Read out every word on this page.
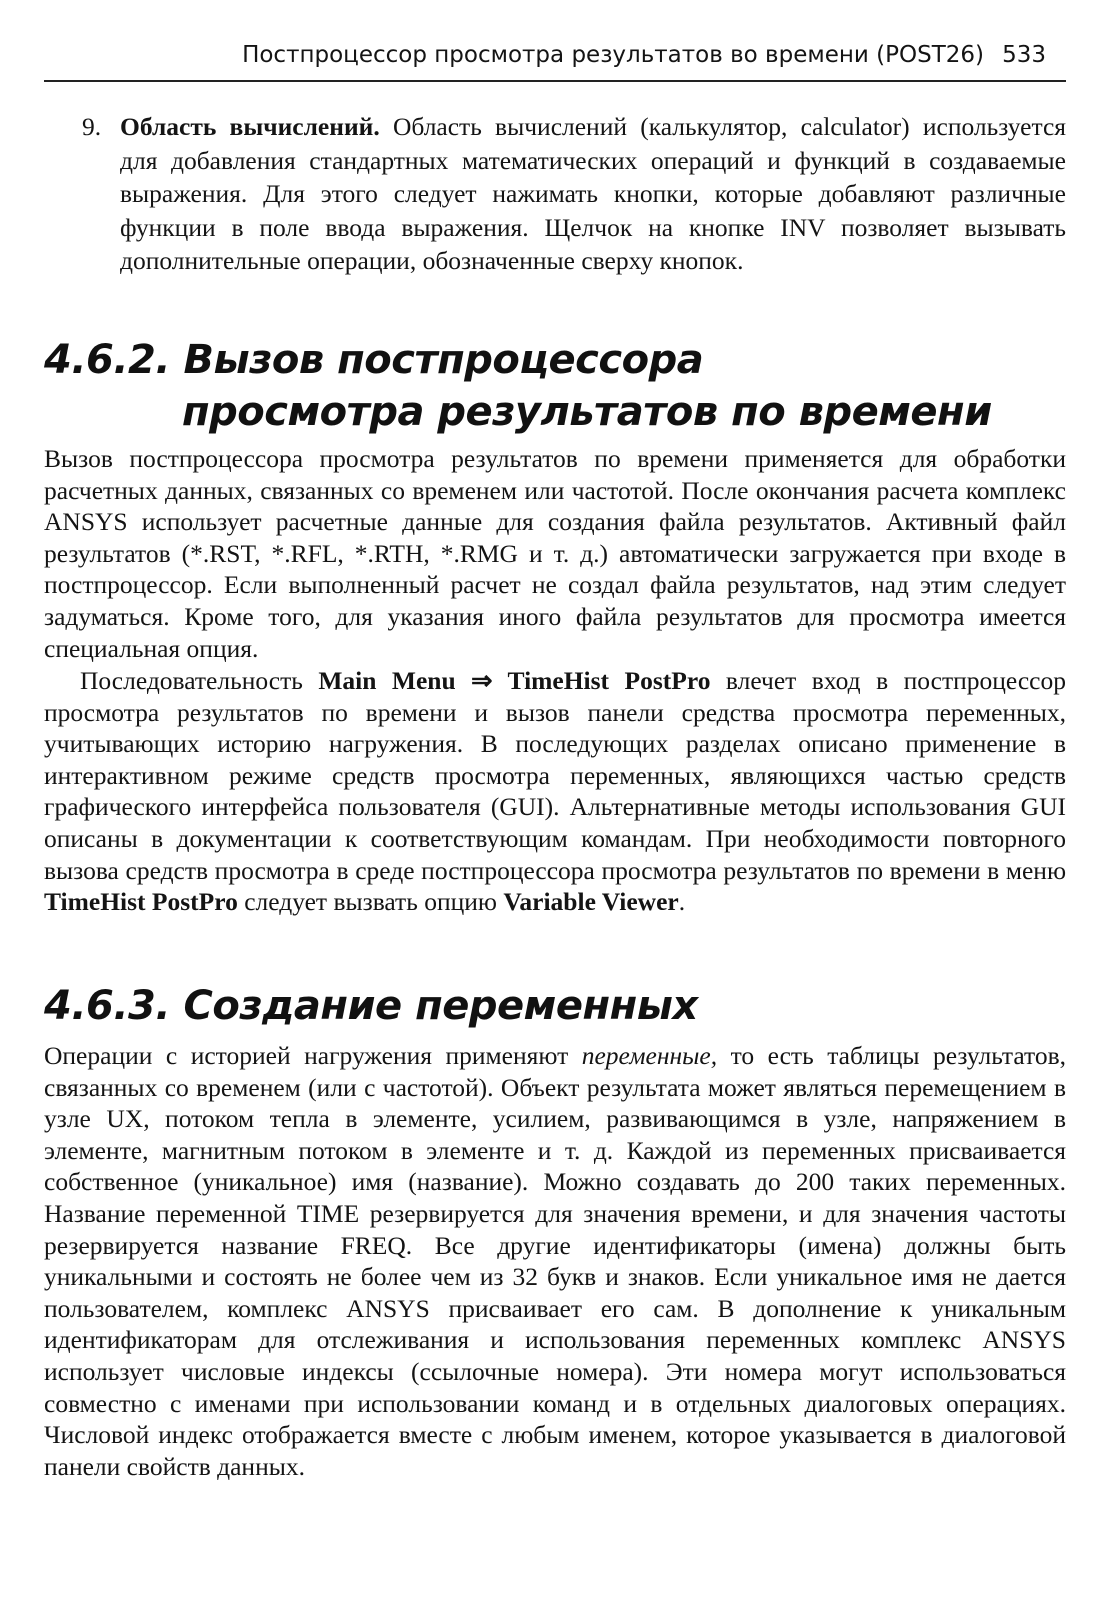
Постпроцессор просмотра результатов во времени (POST26) 533
9. Область вычислений. Область вычислений (калькулятор, calculator) используется для добавления стандартных математических операций и функций в создаваемые выражения. Для этого следует нажимать кнопки, которые добавляют различные функции в поле ввода выражения. Щелчок на кнопке INV позволяет вызывать дополнительные операции, обозначенные сверху кнопок.
4.6.2. Вызов постпроцессора
просмотра результатов по времени

Вызов постпроцессора просмотра результатов по времени применяется для обработки расчетных данных, связанных со временем или частотой. После окончания расчета комплекс ANSYS использует расчетные данные для создания файла результатов. Активный файл результатов (*.RST, *.RFL, *.RTH, *.RMG и т. д.) автоматически загружается при входе в постпроцессор. Если выполненный расчет не создал файла результатов, над этим следует задуматься. Кроме того, для указания иного файла результатов для просмотра имеется специальная опция.

Последовательность Main Menu ⇒ TimeHist PostPro влечет вход в постпроцессор просмотра результатов по времени и вызов панели средства просмотра переменных, учитывающих историю нагружения. В последующих разделах описано применение в интерактивном режиме средств просмотра переменных, являющихся частью средств графического интерфейса пользователя (GUI). Альтернативные методы использования GUI описаны в документации к соответствующим командам. При необходимости повторного вызова средств просмотра в среде постпроцессора просмотра результатов по времени в меню TimeHist PostPro следует вызвать опцию Variable Viewer.

4.6.3. Создание переменных

Операции с историей нагружения применяют переменные, то есть таблицы результатов, связанных со временем (или с частотой). Объект результата может являться перемещением в узле UX, потоком тепла в элементе, усилием, развивающимся в узле, напряжением в элементе, магнитным потоком в элементе и т. д. Каждой из переменных присваивается собственное (уникальное) имя (название). Можно создавать до 200 таких переменных. Название переменной TIME резервируется для значения времени, и для значения частоты резервируется название FREQ. Все другие идентификаторы (имена) должны быть уникальными и состоять не более чем из 32 букв и знаков. Если уникальное имя не дается пользователем, комплекс ANSYS присваивает его сам. В дополнение к уникальным идентификаторам для отслеживания и использования переменных комплекс ANSYS использует числовые индексы (ссылочные номера). Эти номера могут использоваться совместно с именами при использовании команд и в отдельных диалоговых операциях. Числовой индекс отображается вместе с любым именем, которое указывается в диалоговой панели свойств данных.
